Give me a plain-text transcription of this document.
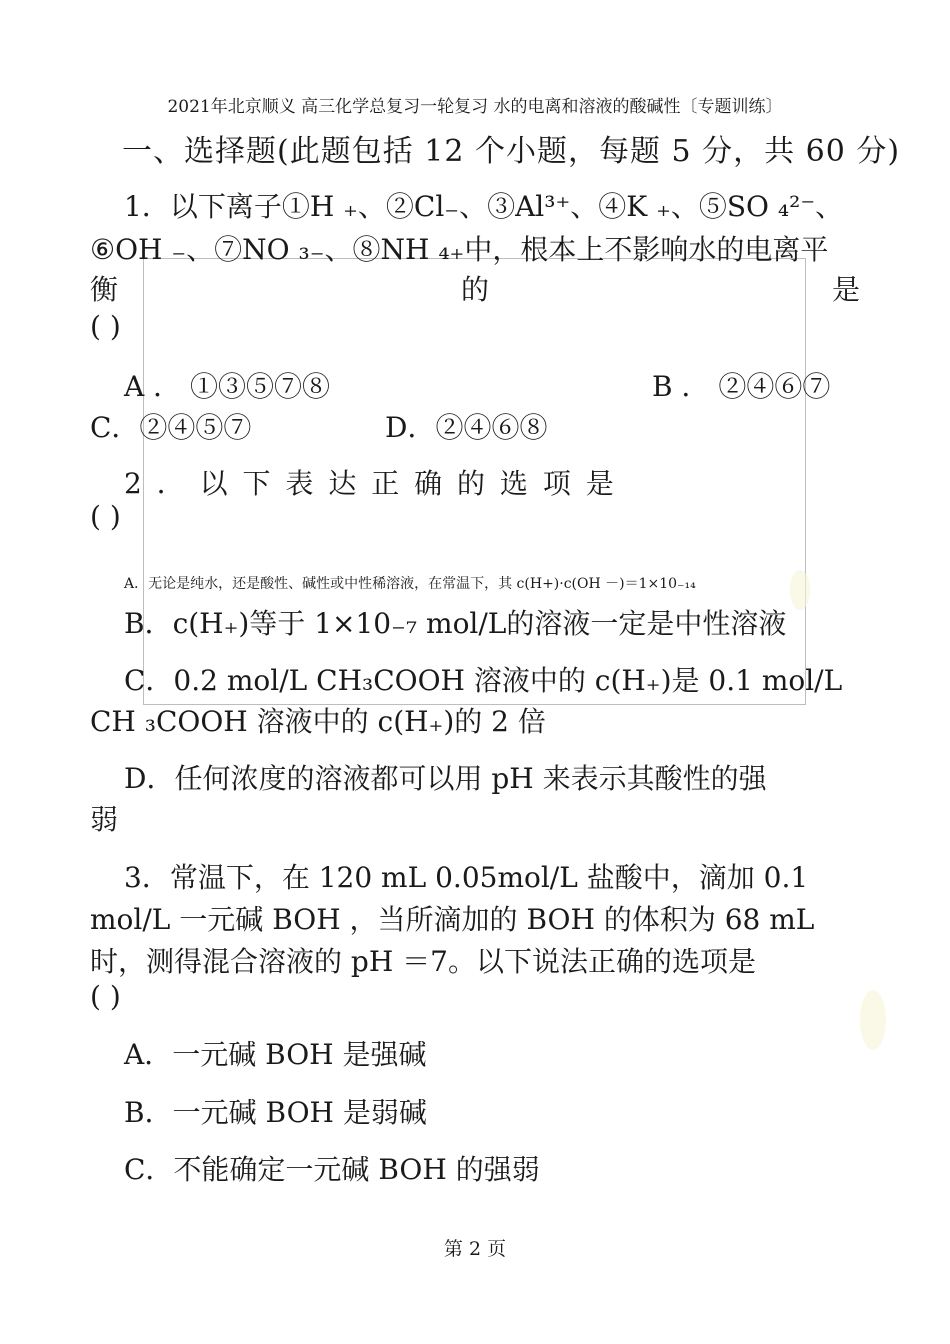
2021年北京顺义 高三化学总复习一轮复习 水的电离和溶液的酸碱性〔专题训练〕
一、选择题(此题包括 12 个小题，每题 5 分，共 60 分)
1．以下离子①H ₊、②Cl₋、③Al³⁺、④K ₊、⑤SO ₄²⁻、
⑥OH ₋、⑦NO ₃₋、⑧NH ₄₊中，根本上不影响水的电离平
衡	的	是
( )
A ． ①③⑤⑦⑧	B ． ②④⑥⑦
C．②④⑤⑦	D．②④⑥⑧
2 ． 以 下 表 达 正 确 的 选 项 是
( )
A．无论是纯水，还是酸性、碱性或中性稀溶液，在常温下，其 c(H+)·c(OH －)＝1×10₋₁₄
B．c(H₊)等于 1×10₋₇ mol/L的溶液一定是中性溶液
C．0.2 mol/L CH₃COOH 溶液中的 c(H₊)是 0.1 mol/L
CH ₃COOH 溶液中的 c(H₊)的 2 倍
D．任何浓度的溶液都可以用 pH 来表示其酸性的强
弱
3．常温下，在 120 mL 0.05mol/L 盐酸中，滴加 0.1
mol/L 一元碱 BOH ，当所滴加的 BOH 的体积为 68 mL
时，测得混合溶液的 pH ＝7。以下说法正确的选项是
( )
A．一元碱 BOH 是强碱
B．一元碱 BOH 是弱碱
C．不能确定一元碱 BOH 的强弱
第 2 页
